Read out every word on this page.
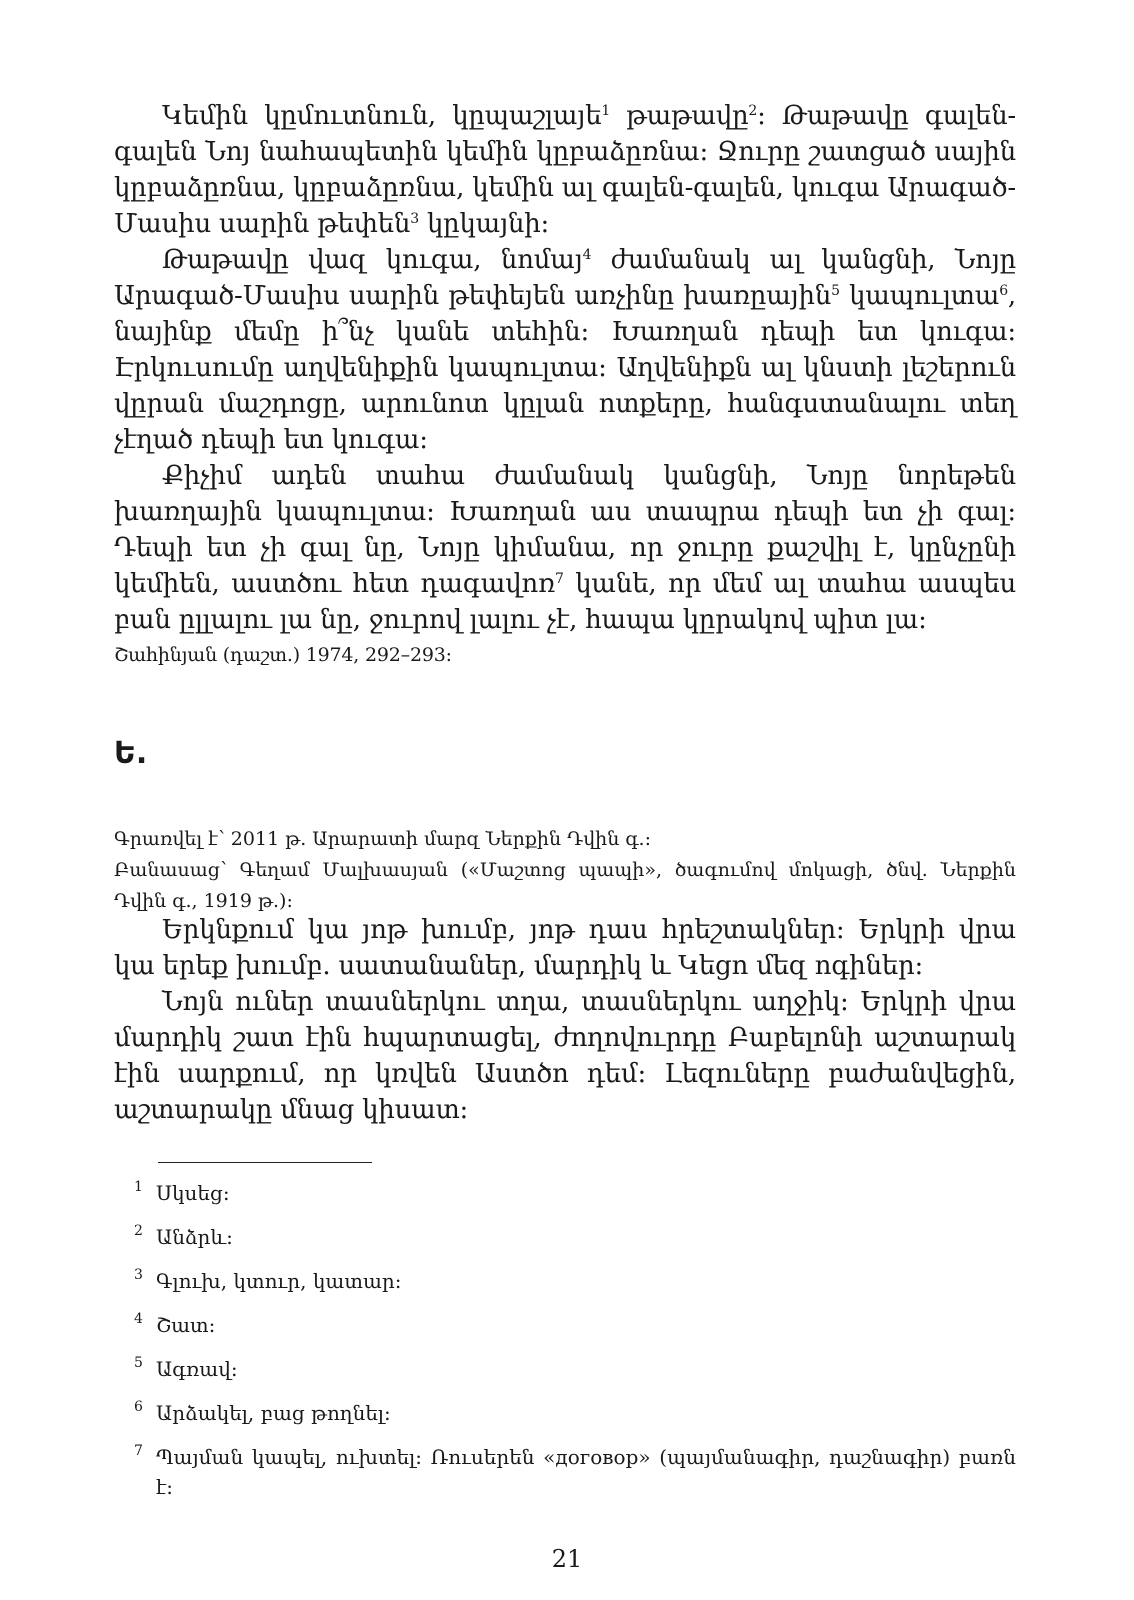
Կեմին կըմուտնուն, կըպաշլայե$^1$ թաթավը$^2$: Թաթավը գալեն-գալեն Նոյ նահապետին կեմին կըբաձըռնա: Ջուրը շատցած սային կըբաձըռնա, կըբաձըռնա, կեմին ալ գալեն-գալեն, կուգա Արագած-Մասիս սարին թեփեն$^3$ կըկայնի:

Թաթավը վազ կուգա, նոմայ$^4$ ժամանակ ալ կանցնի, Նոյը Արագած-Մասիս սարին թեփեյեն առչինը խառըային$^5$ կապուլտա$^6$, նայինք մեմը ի՞նչ կանե տեհին: Խառղան դեպի ետ կուգա: Էրկուսումը աղվենիքին կապուլտա: Աղվենիքն ալ կնստի լեշերուն վըրան մաշդոցը, արունոտ կըլան ոտքերը, հանգստանալու տեղ չէղած դեպի ետ կուգա:

Քիչիմ ադեն տահա ժամանակ կանցնի, Նոյը նորեթեն խառղային կապուլտա: Խառղան աս տապրա դեպի ետ չի գալ: Դեպի ետ չի գալ նը, Նոյը կիմանա, որ ջուրը քաշվիլ է, կընչընի կեմիեն, աստծու հետ դագավոռ$^7$ կանե, որ մեմ ալ տահա ասպես բան ըլլալու լա նը, ջուրով լալու չէ, հապա կըրակով պիտ լա:

Շահինյան (դաշտ.) 1974, 292–293:

Ե.

Գրառվել է՝ 2011 թ. Արարատի մարզ Ներքին Դվին գ.:

Բանասաց՝ Գեղամ Մալխասյան («Մաշտոց պապի», ծագումով մոկացի, ծնվ. Ներքին Դվին գ., 1919 թ.):

Երկնքում կա յոթ խումբ, յոթ դաս հրեշտակներ: Երկրի վրա կա երեք խումբ. սատանաներ, մարդիկ և Կեցո մեզ ոգիներ:

Նոյն ուներ տասներկու տղա, տասներկու աղջիկ: Երկրի վրա մարդիկ շատ էին հպարտացել, ժողովուրդը Բաբելոնի աշտարակ էին սարքում, որ կռվեն Աստծո դեմ: Լեզուները բաժանվեցին, աշտարակը մնաց կիսատ:

1 Սկսեց:
2 Անձրև:
3 Գլուխ, կտուր, կատար:
4 Շատ:
5 Ագռավ:
6 Արձակել, բաց թողնել:
7 Պայման կապել, ուխտել: Ռուսերեն «договор» (պայմանագիր, դաշնագիր) բառն է:
21
